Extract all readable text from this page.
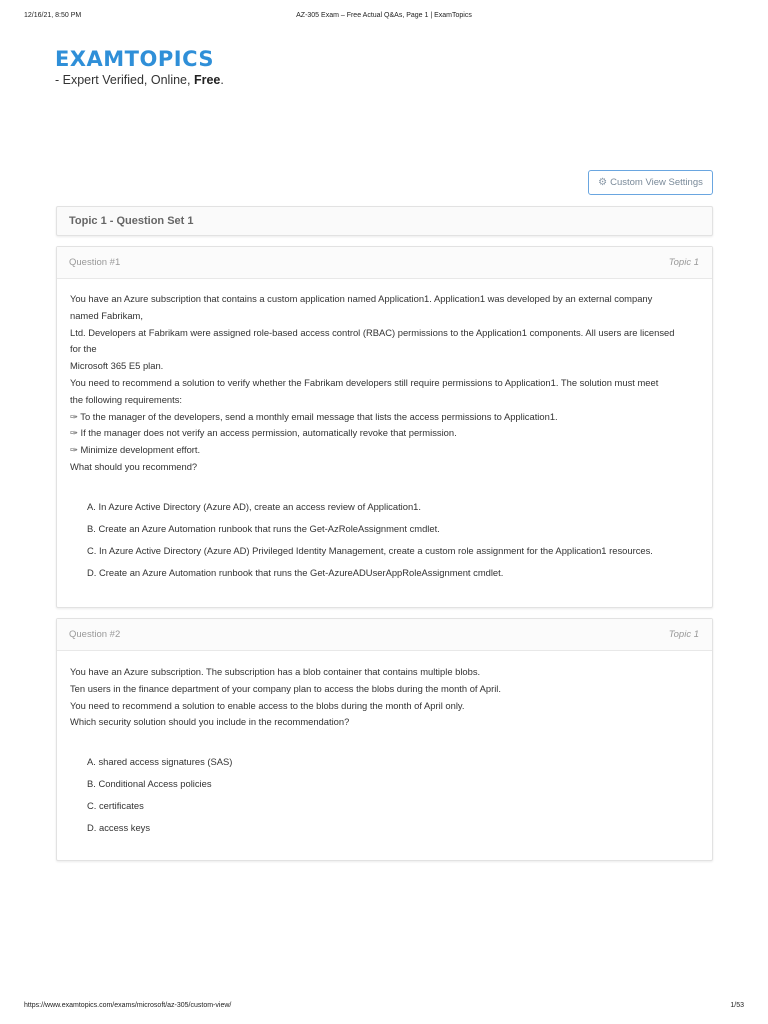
12/16/21, 8:50 PM	AZ-305 Exam – Free Actual Q&As, Page 1 | ExamTopics
EXAMTOPICS
- Expert Verified, Online, Free.
⚙ Custom View Settings
Topic 1 - Question Set 1
Question #1	Topic 1
You have an Azure subscription that contains a custom application named Application1. Application1 was developed by an external company
named Fabrikam,
Ltd. Developers at Fabrikam were assigned role-based access control (RBAC) permissions to the Application1 components. All users are licensed
for the
Microsoft 365 E5 plan.
You need to recommend a solution to verify whether the Fabrikam developers still require permissions to Application1. The solution must meet
the following requirements:
✑ To the manager of the developers, send a monthly email message that lists the access permissions to Application1.
✑ If the manager does not verify an access permission, automatically revoke that permission.
✑ Minimize development effort.
What should you recommend?
A. In Azure Active Directory (Azure AD), create an access review of Application1.
B. Create an Azure Automation runbook that runs the Get-AzRoleAssignment cmdlet.
C. In Azure Active Directory (Azure AD) Privileged Identity Management, create a custom role assignment for the Application1 resources.
D. Create an Azure Automation runbook that runs the Get-AzureADUserAppRoleAssignment cmdlet.
Question #2	Topic 1
You have an Azure subscription. The subscription has a blob container that contains multiple blobs.
Ten users in the finance department of your company plan to access the blobs during the month of April.
You need to recommend a solution to enable access to the blobs during the month of April only.
Which security solution should you include in the recommendation?
A. shared access signatures (SAS)
B. Conditional Access policies
C. certificates
D. access keys
https://www.examtopics.com/exams/microsoft/az-305/custom-view/	1/53
